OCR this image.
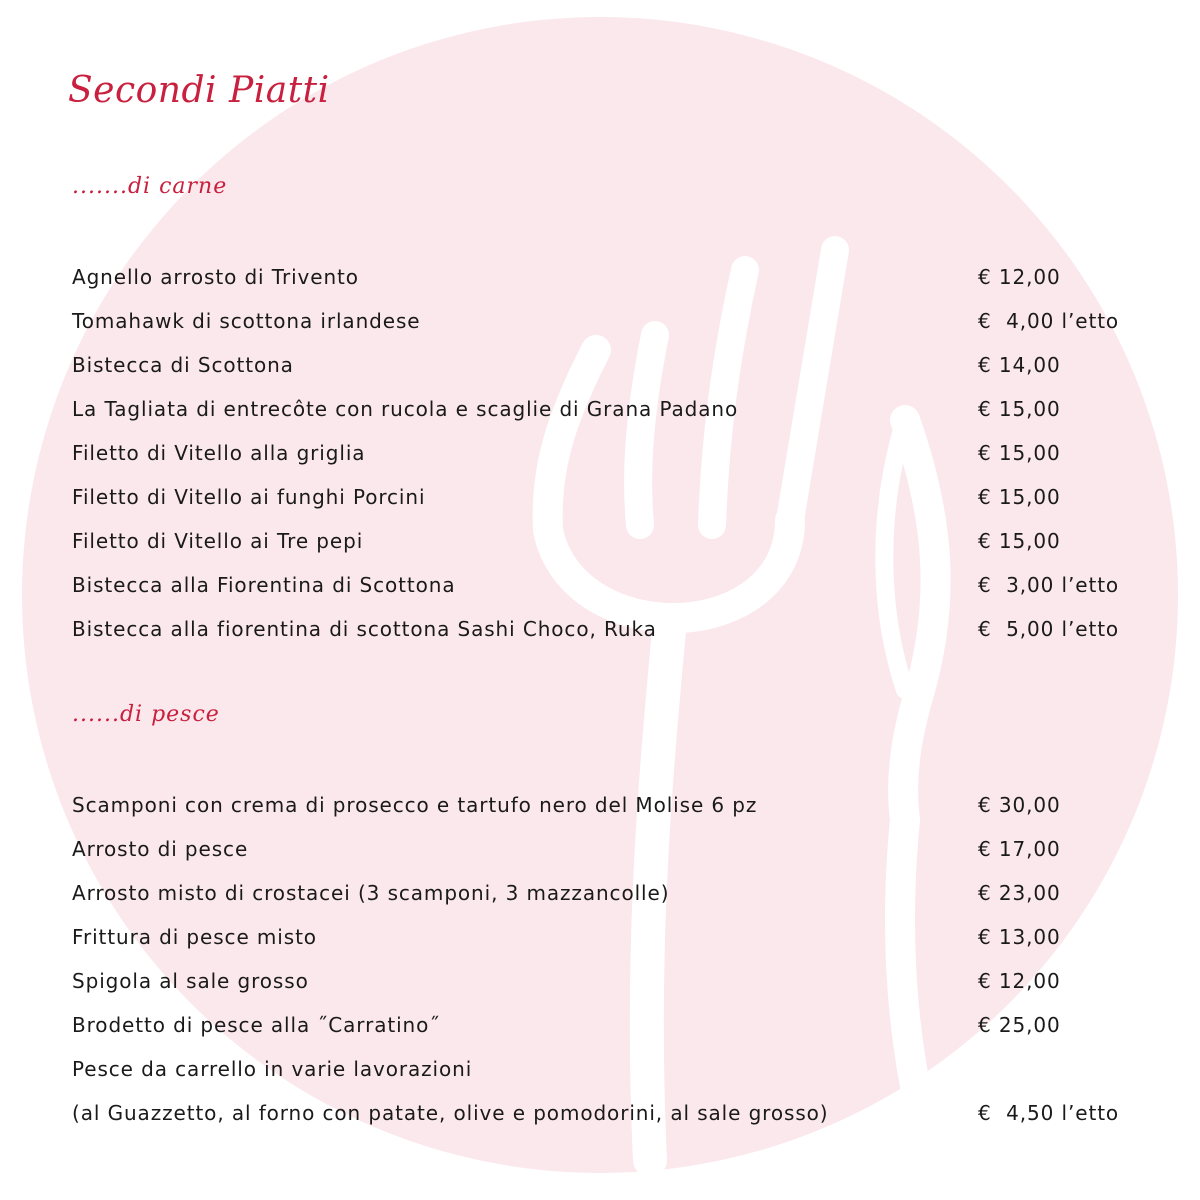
Secondi Piatti
.......di carne
Agnello arrosto di Trivento	€ 12,00
Tomahawk di scottona irlandese	€  4,00 l’etto
Bistecca di Scottona	€ 14,00
La Tagliata di entrecôte con rucola e scaglie di Grana Padano	€ 15,00
Filetto di Vitello alla griglia	€ 15,00
Filetto di Vitello ai funghi Porcini	€ 15,00
Filetto di Vitello ai Tre pepi	€ 15,00
Bistecca alla Fiorentina di Scottona	€  3,00 l’etto
Bistecca alla fiorentina di scottona Sashi Choco, Ruka	€  5,00 l’etto
......di pesce
Scamponi con crema di prosecco e tartufo nero del Molise 6 pz	€ 30,00
Arrosto di pesce	€ 17,00
Arrosto misto di crostacei (3 scamponi, 3 mazzancolle)	€ 23,00
Frittura di pesce misto	€ 13,00
Spigola al sale grosso	€ 12,00
Brodetto di pesce alla ˝Carratino˝	€ 25,00
Pesce da carrello in varie lavorazioni
(al Guazzetto, al forno con patate, olive e pomodorini, al sale grosso)	€  4,50 l’etto
